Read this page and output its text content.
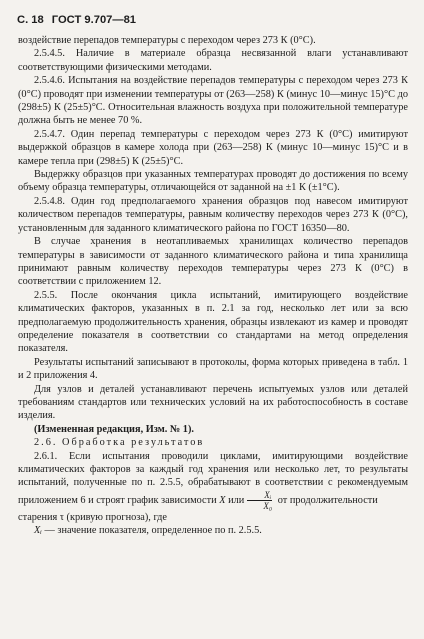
С. 18 ГОСТ 9.707—81

воздействие перепадов температуры с переходом через 273 К (0°С).

2.5.4.5. Наличие в материале образца несвязанной влаги устанавливают соответствующими физическими методами.

2.5.4.6. Испытания на воздействие перепадов температуры с переходом через 273 К (0°С) проводят при изменении температуры от (263—258) К (минус 10—минус 15)°С до (298±5) К (25±5)°С. Относительная влажность воздуха при положительной температуре должна быть не менее 70 %.

2.5.4.7. Один перепад температуры с переходом через 273 К (0°С) имитируют выдержкой образцов в камере холода при (263—258) К (минус 10—минус 15)°С и в камере тепла при (298±5) К (25±5)°С.

Выдержку образцов при указанных температурах проводят до достижения по всему объему образца температуры, отличающейся от заданной на ±1 К (±1°С).

2.5.4.8. Один год предполагаемого хранения образцов под навесом имитируют количеством перепадов температуры, равным количеству переходов через 273 К (0°С), установленным для заданного климатического района по ГОСТ 16350—80.

В случае хранения в неотапливаемых хранилищах количество перепадов температуры в зависимости от заданного климатического района и типа хранилища принимают равным количеству переходов температуры через 273 К (0°С) в соответствии с приложением 12.

2.5.5. После окончания цикла испытаний, имитирующего воздействие климатических факторов, указанных в п. 2.1 за год, несколько лет или за всю предполагаемую продолжительность хранения, образцы извлекают из камер и проводят определение показателя в соответствии со стандартами на метод определения показателя.

Результаты испытаний записывают в протоколы, форма которых приведена в табл. 1 и 2 приложения 4.

Для узлов и деталей устанавливают перечень испытуемых узлов или деталей требованиям стандартов или технических условий на их работоспособность в составе изделия.

(Измененная редакция, Изм. № 1).

2.6. Обработка результатов

2.6.1. Если испытания проводили циклами, имитирующими воздействие климатических факторов за каждый год хранения или несколько лет, то результаты испытаний, полученные по п. 2.5.5, обрабатывают в соответствии с рекомендуемым приложением 6 и строят график зависимости X или $\frac{\text{Xᵢ}}{\text{X₀}}$ от продолжительности

старения τ (кривую прогноза), где

Xᵢ — значение показателя, определенное по п. 2.5.5.
